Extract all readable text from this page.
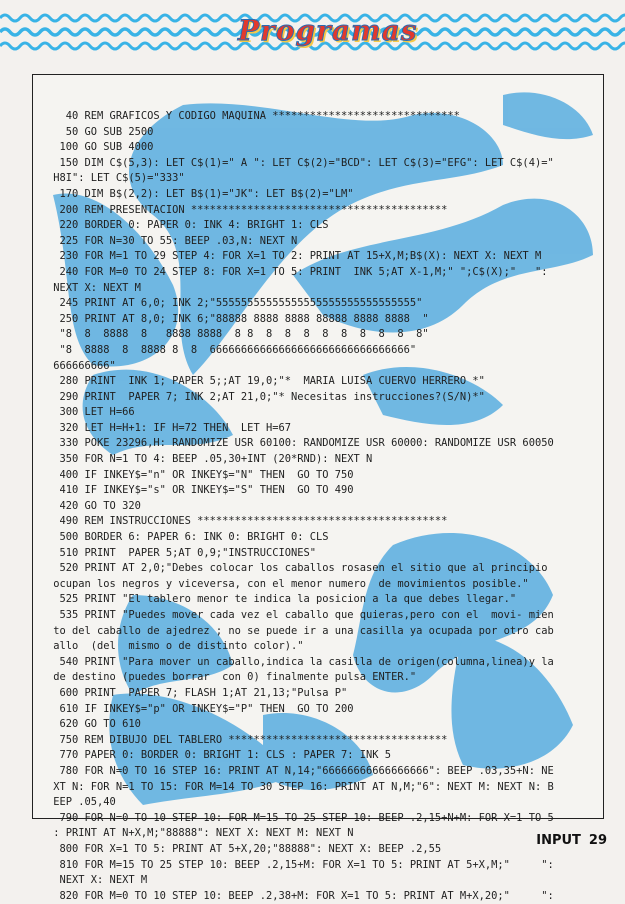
Programas
40 REM GRAFICOS Y CODIGO MAQUINA ******************************
50 GO SUB 2500
100 GO SUB 4000
150 DIM C$(5,3): LET C$(1)=" A ": LET C$(2)="BCD": LET C$(3)="EFG": LET C$(4)="
H8I": LET C$(5)="333"
170 DIM B$(2,2): LET B$(1)="JK": LET B$(2)="LM"
200 REM PRESENTACION *****************************************
220 BORDER 0: PAPER 0: INK 4: BRIGHT 1: CLS
225 FOR N=30 TO 55: BEEP .03,N: NEXT N
230 FOR M=1 TO 29 STEP 4: FOR X=1 TO 2: PRINT AT 15+X,M;B$(X): NEXT X: NEXT M
240 FOR M=0 TO 24 STEP 8: FOR X=1 TO 5: PRINT  INK 5;AT X-1,M;" ";C$(X);"   ":
NEXT X: NEXT M
245 PRINT AT 6,0; INK 2;"55555555555555555555555555555555"
250 PRINT AT 8,0; INK 6;"88888 8888 8888 88888 8888 8888  "
"8  8  8888  8   8888 8888  8 8  8  8  8  8  8  8  8  8  8"
"8  8888  8  8888 8  8  66666666666666666666666666666666"
666666666"
280 PRINT  INK 1; PAPER 5;;AT 19,0;"*  MARIA LUISA CUERVO HERRERO *"
290 PRINT  PAPER 7; INK 2;AT 21,0;"* Necesitas instrucciones?(S/N)*"
300 LET H=66
320 LET H=H+1: IF H=72 THEN  LET H=67
330 POKE 23296,H: RANDOMIZE USR 60100: RANDOMIZE USR 60000: RANDOMIZE USR 60050
350 FOR N=1 TO 4: BEEP .05,30+INT (20*RND): NEXT N
400 IF INKEY$="n" OR INKEY$="N" THEN  GO TO 750
410 IF INKEY$="s" OR INKEY$="S" THEN  GO TO 490
420 GO TO 320
490 REM INSTRUCCIONES ****************************************
500 BORDER 6: PAPER 6: INK 0: BRIGHT 0: CLS
510 PRINT  PAPER 5;AT 0,9;"INSTRUCCIONES"
520 PRINT AT 2,0;"Debes colocar los caballos rosasen el sitio que al principio
ocupan los negros y viceversa, con el menor numero  de movimientos posible."
525 PRINT "El tablero menor te indica la posicion a la que debes llegar."
535 PRINT "Puedes mover cada vez el caballo que quieras,pero con el  movi- mien
to del caballo de ajedrez ; no se puede ir a una casilla ya ocupada por otro cab
allo  (del  mismo o de distinto color)."
540 PRINT "Para mover un caballo,indica la casilla de origen(columna,linea)y la
de destino (puedes borrar  con 0) finalmente pulsa ENTER."
600 PRINT  PAPER 7; FLASH 1;AT 21,13;"Pulsa P"
610 IF INKEY$="p" OR INKEY$="P" THEN  GO TO 200
620 GO TO 610
750 REM DIBUJO DEL TABLERO ***********************************
770 PAPER 0: BORDER 0: BRIGHT 1: CLS : PAPER 7: INK 5
780 FOR N=0 TO 16 STEP 16: PRINT AT N,14;"66666666666666666": BEEP .03,35+N: NE
XT N: FOR N=1 TO 15: FOR M=14 TO 30 STEP 16: PRINT AT N,M;"6": NEXT M: NEXT N: B
EEP .05,40
790 FOR N=0 TO 10 STEP 10: FOR M=15 TO 25 STEP 10: BEEP .2,15+N+M: FOR X=1 TO 5
: PRINT AT N+X,M;"88888": NEXT X: NEXT M: NEXT N
800 FOR X=1 TO 5: PRINT AT 5+X,20;"88888": NEXT X: BEEP .2,55
810 FOR M=15 TO 25 STEP 10: BEEP .2,15+M: FOR X=1 TO 5: PRINT AT 5+X,M;"     ":
NEXT X: NEXT M
820 FOR M=0 TO 10 STEP 10: BEEP .2,38+M: FOR X=1 TO 5: PRINT AT M+X,20;"     ":
INPUT 29
